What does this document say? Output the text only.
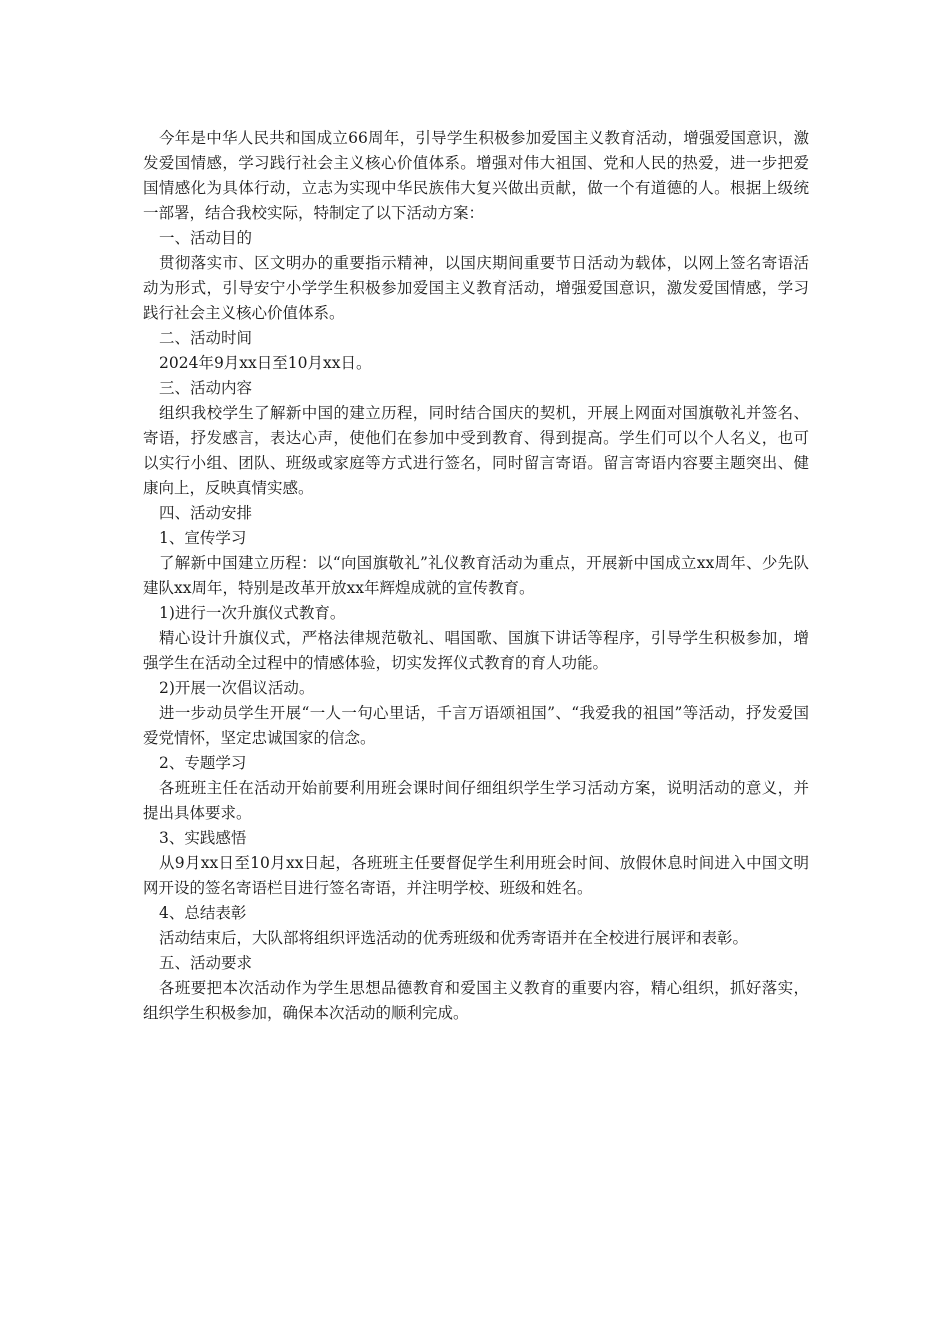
今年是中华人民共和国成立66周年，引导学生积极参加爱国主义教育活动，增强爱国意识，激发爱国情感，学习践行社会主义核心价值体系。增强对伟大祖国、党和人民的热爱，进一步把爱国情感化为具体行动，立志为实现中华民族伟大复兴做出贡献，做一个有道德的人。根据上级统一部署，结合我校实际，特制定了以下活动方案：

一、活动目的

贯彻落实市、区文明办的重要指示精神，以国庆期间重要节日活动为载体，以网上签名寄语活动为形式，引导安宁小学学生积极参加爱国主义教育活动，增强爱国意识，激发爱国情感，学习践行社会主义核心价值体系。

二、活动时间

2024年9月xx日至10月xx日。

三、活动内容

组织我校学生了解新中国的建立历程，同时结合国庆的契机，开展上网面对国旗敬礼并签名、寄语，抒发感言，表达心声，使他们在参加中受到教育、得到提高。学生们可以个人名义，也可以实行小组、团队、班级或家庭等方式进行签名，同时留言寄语。留言寄语内容要主题突出、健康向上，反映真情实感。

四、活动安排

1、宣传学习

了解新中国建立历程：以“向国旗敬礼”礼仪教育活动为重点，开展新中国成立xx周年、少先队建队xx周年，特别是改革开放xx年辉煌成就的宣传教育。

1)进行一次升旗仪式教育。

精心设计升旗仪式，严格法律规范敬礼、唱国歌、国旗下讲话等程序，引导学生积极参加，增强学生在活动全过程中的情感体验，切实发挥仪式教育的育人功能。

2)开展一次倡议活动。

进一步动员学生开展“一人一句心里话，千言万语颂祖国”、“我爱我的祖国”等活动，抒发爱国爱党情怀，坚定忠诚国家的信念。

2、专题学习

各班班主任在活动开始前要利用班会课时间仔细组织学生学习活动方案，说明活动的意义，并提出具体要求。

3、实践感悟

从9月xx日至10月xx日起，各班班主任要督促学生利用班会时间、放假休息时间进入中国文明网开设的签名寄语栏目进行签名寄语，并注明学校、班级和姓名。

4、总结表彰

活动结束后，大队部将组织评选活动的优秀班级和优秀寄语并在全校进行展评和表彰。

五、活动要求

各班要把本次活动作为学生思想品德教育和爱国主义教育的重要内容，精心组织，抓好落实，组织学生积极参加，确保本次活动的顺利完成。
